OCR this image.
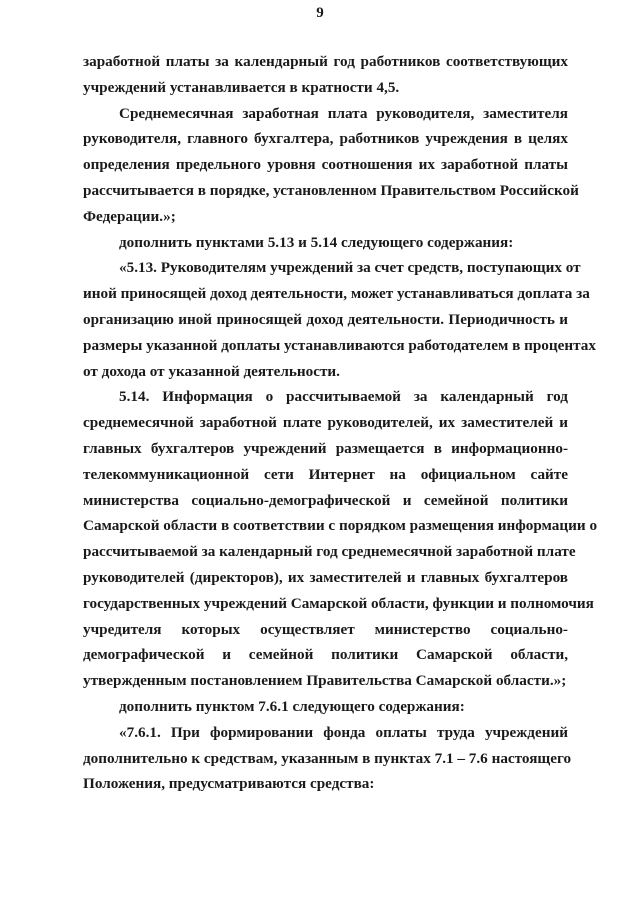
9
заработной платы за календарный год работников соответствующих
учреждений устанавливается в кратности 4,5.
Среднемесячная заработная плата руководителя, заместителя
руководителя, главного бухгалтера, работников учреждения в целях
определения предельного уровня соотношения их заработной платы
рассчитывается в порядке, установленном Правительством Российской
Федерации.»;
дополнить пунктами 5.13 и 5.14 следующего содержания:
«5.13. Руководителям учреждений за счет средств, поступающих от
иной приносящей доход деятельности, может устанавливаться доплата за
организацию иной приносящей доход деятельности. Периодичность и
размеры указанной доплаты устанавливаются работодателем в процентах
от дохода от указанной деятельности.
5.14. Информация о рассчитываемой за календарный год
среднемесячной заработной плате руководителей, их заместителей и
главных бухгалтеров учреждений размещается в информационно-
телекоммуникационной сети Интернет на официальном сайте
министерства социально-демографической и семейной политики
Самарской области в соответствии с порядком размещения информации о
рассчитываемой за календарный год среднемесячной заработной плате
руководителей (директоров), их заместителей и главных бухгалтеров
государственных учреждений Самарской области, функции и полномочия
учредителя которых осуществляет министерство социально-
демографической и семейной политики Самарской области,
утвержденным постановлением Правительства Самарской области.»;
дополнить пунктом 7.6.1 следующего содержания:
«7.6.1. При формировании фонда оплаты труда учреждений
дополнительно к средствам, указанным в пунктах 7.1 – 7.6 настоящего
Положения, предусматриваются средства:
